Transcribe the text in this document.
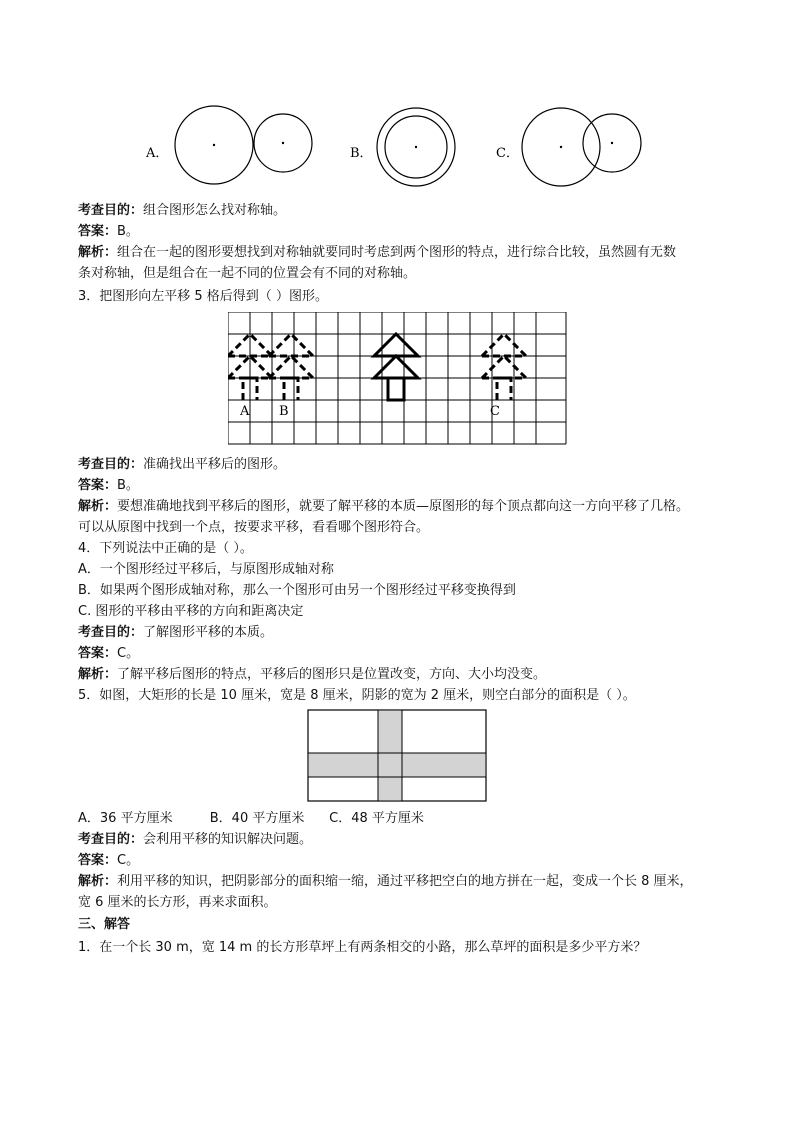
A．	B．	C．
考查目的：组合图形怎么找对称轴。
答案：B。
解析：组合在一起的图形要想找到对称轴就要同时考虑到两个图形的特点，进行综合比较，虽然圆有无数
条对称轴，但是组合在一起不同的位置会有不同的对称轴。
3．把图形向左平移 5 格后得到（ ）图形。
A B	C
考查目的：准确找出平移后的图形。
答案：B。
解析：要想准确地找到平移后的图形，就要了解平移的本质—原图形的每个顶点都向这一方向平移了几格。
可以从原图中找到一个点，按要求平移，看看哪个图形符合。
4．下列说法中正确的是（ ）。
A．一个图形经过平移后，与原图形成轴对称
B．如果两个图形成轴对称，那么一个图形可由另一个图形经过平移变换得到
C. 图形的平移由平移的方向和距离决定
考查目的：了解图形平移的本质。
答案：C。
解析：了解平移后图形的特点，平移后的图形只是位置改变，方向、大小均没变。
5．如图，大矩形的长是 10 厘米，宽是 8 厘米，阴影的宽为 2 厘米，则空白部分的面积是（ ）。
A．36 平方厘米         B．40 平方厘米      C．48 平方厘米
考查目的：会利用平移的知识解决问题。
答案：C。
解析：利用平移的知识，把阴影部分的面积缩一缩，通过平移把空白的地方拼在一起，变成一个长 8 厘米，
宽 6 厘米的长方形，再来求面积。
三、解答
1．在一个长 30 m，宽 14 m 的长方形草坪上有两条相交的小路，那么草坪的面积是多少平方米？
